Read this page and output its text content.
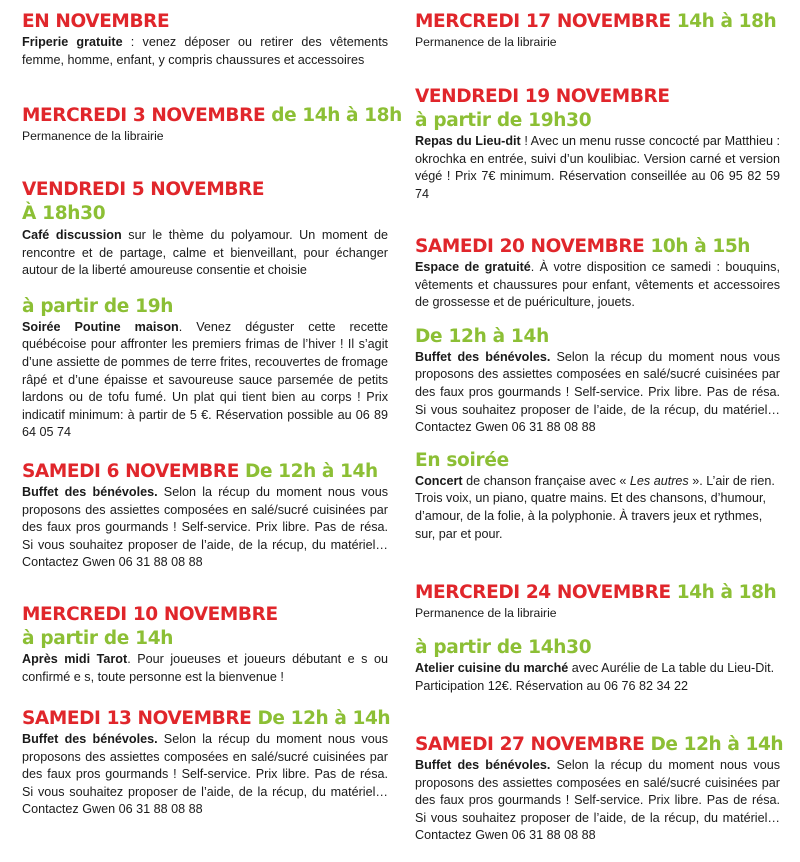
EN NOVEMBRE

Friperie gratuite : venez déposer ou retirer des vêtements femme, homme, enfant, y compris chaussures et accessoires

MERCREDI 3 NOVEMBRE de 14h à 18h

Permanence de la librairie

VENDREDI 5 NOVEMBRE

À 18h30

Café discussion sur le thème du polyamour. Un moment de rencontre et de partage, calme et bienveillant, pour échanger autour de la liberté amoureuse consentie et choisie

à partir de 19h

Soirée Poutine maison. Venez déguster cette recette québécoise pour affronter les premiers frimas de l’hiver ! Il s’agit d’une assiette de pommes de terre frites, recouvertes de fromage râpé et d’une épaisse et savoureuse sauce parsemée de petits lardons ou de tofu fumé. Un plat qui tient bien au corps ! Prix indicatif minimum: à partir de 5 €. Réservation possible au 06 89 64 05 74

SAMEDI 6 NOVEMBRE De 12h à 14h

Buffet des bénévoles. Selon la récup du moment nous vous proposons des assiettes composées en salé/sucré cuisinées par des faux pros gourmands ! Self-service. Prix libre. Pas de résa. Si vous souhaitez proposer de l’aide, de la récup, du matériel… Contactez Gwen 06 31 88 08 88

MERCREDI 10 NOVEMBRE

à partir de 14h

Après midi Tarot. Pour joueuses et joueurs débutant e s ou confirmé e s, toute personne est la bienvenue !

SAMEDI 13 NOVEMBRE De 12h à 14h

Buffet des bénévoles. Selon la récup du moment nous vous proposons des assiettes composées en salé/sucré cuisinées par des faux pros gourmands ! Self-service. Prix libre. Pas de résa. Si vous souhaitez proposer de l’aide, de la récup, du matériel… Contactez Gwen 06 31 88 08 88

MERCREDI 17 NOVEMBRE 14h à 18h

Permanence de la librairie

VENDREDI 19 NOVEMBRE

à partir de 19h30

Repas du Lieu-dit ! Avec un menu russe concocté par Matthieu : okrochka en entrée, suivi d’un koulibiac. Version carné et version végé ! Prix 7€ minimum. Réservation conseillée au 06 95 82 59 74

SAMEDI 20 NOVEMBRE 10h à 15h

Espace de gratuité. À votre disposition ce samedi : bouquins, vêtements et chaussures pour enfant, vêtements et accessoires de grossesse et de puériculture, jouets.

De 12h à 14h

Buffet des bénévoles. Selon la récup du moment nous vous proposons des assiettes composées en salé/sucré cuisinées par des faux pros gourmands ! Self-service. Prix libre. Pas de résa. Si vous souhaitez proposer de l’aide, de la récup, du matériel… Contactez Gwen 06 31 88 08 88

En soirée

Concert de chanson française avec « Les autres ». L’air de rien. Trois voix, un piano, quatre mains. Et des chansons, d’humour, d’amour, de la folie, à la polyphonie. À travers jeux et rythmes, sur, par et pour.

MERCREDI 24 NOVEMBRE 14h à 18h

Permanence de la librairie

à partir de 14h30

Atelier cuisine du marché avec Aurélie de La table du Lieu-Dit. Participation 12€. Réservation au 06 76 82 34 22

SAMEDI 27 NOVEMBRE De 12h à 14h

Buffet des bénévoles. Selon la récup du moment nous vous proposons des assiettes composées en salé/sucré cuisinées par des faux pros gourmands ! Self-service. Prix libre. Pas de résa. Si vous souhaitez proposer de l’aide, de la récup, du matériel… Contactez Gwen 06 31 88 08 88
